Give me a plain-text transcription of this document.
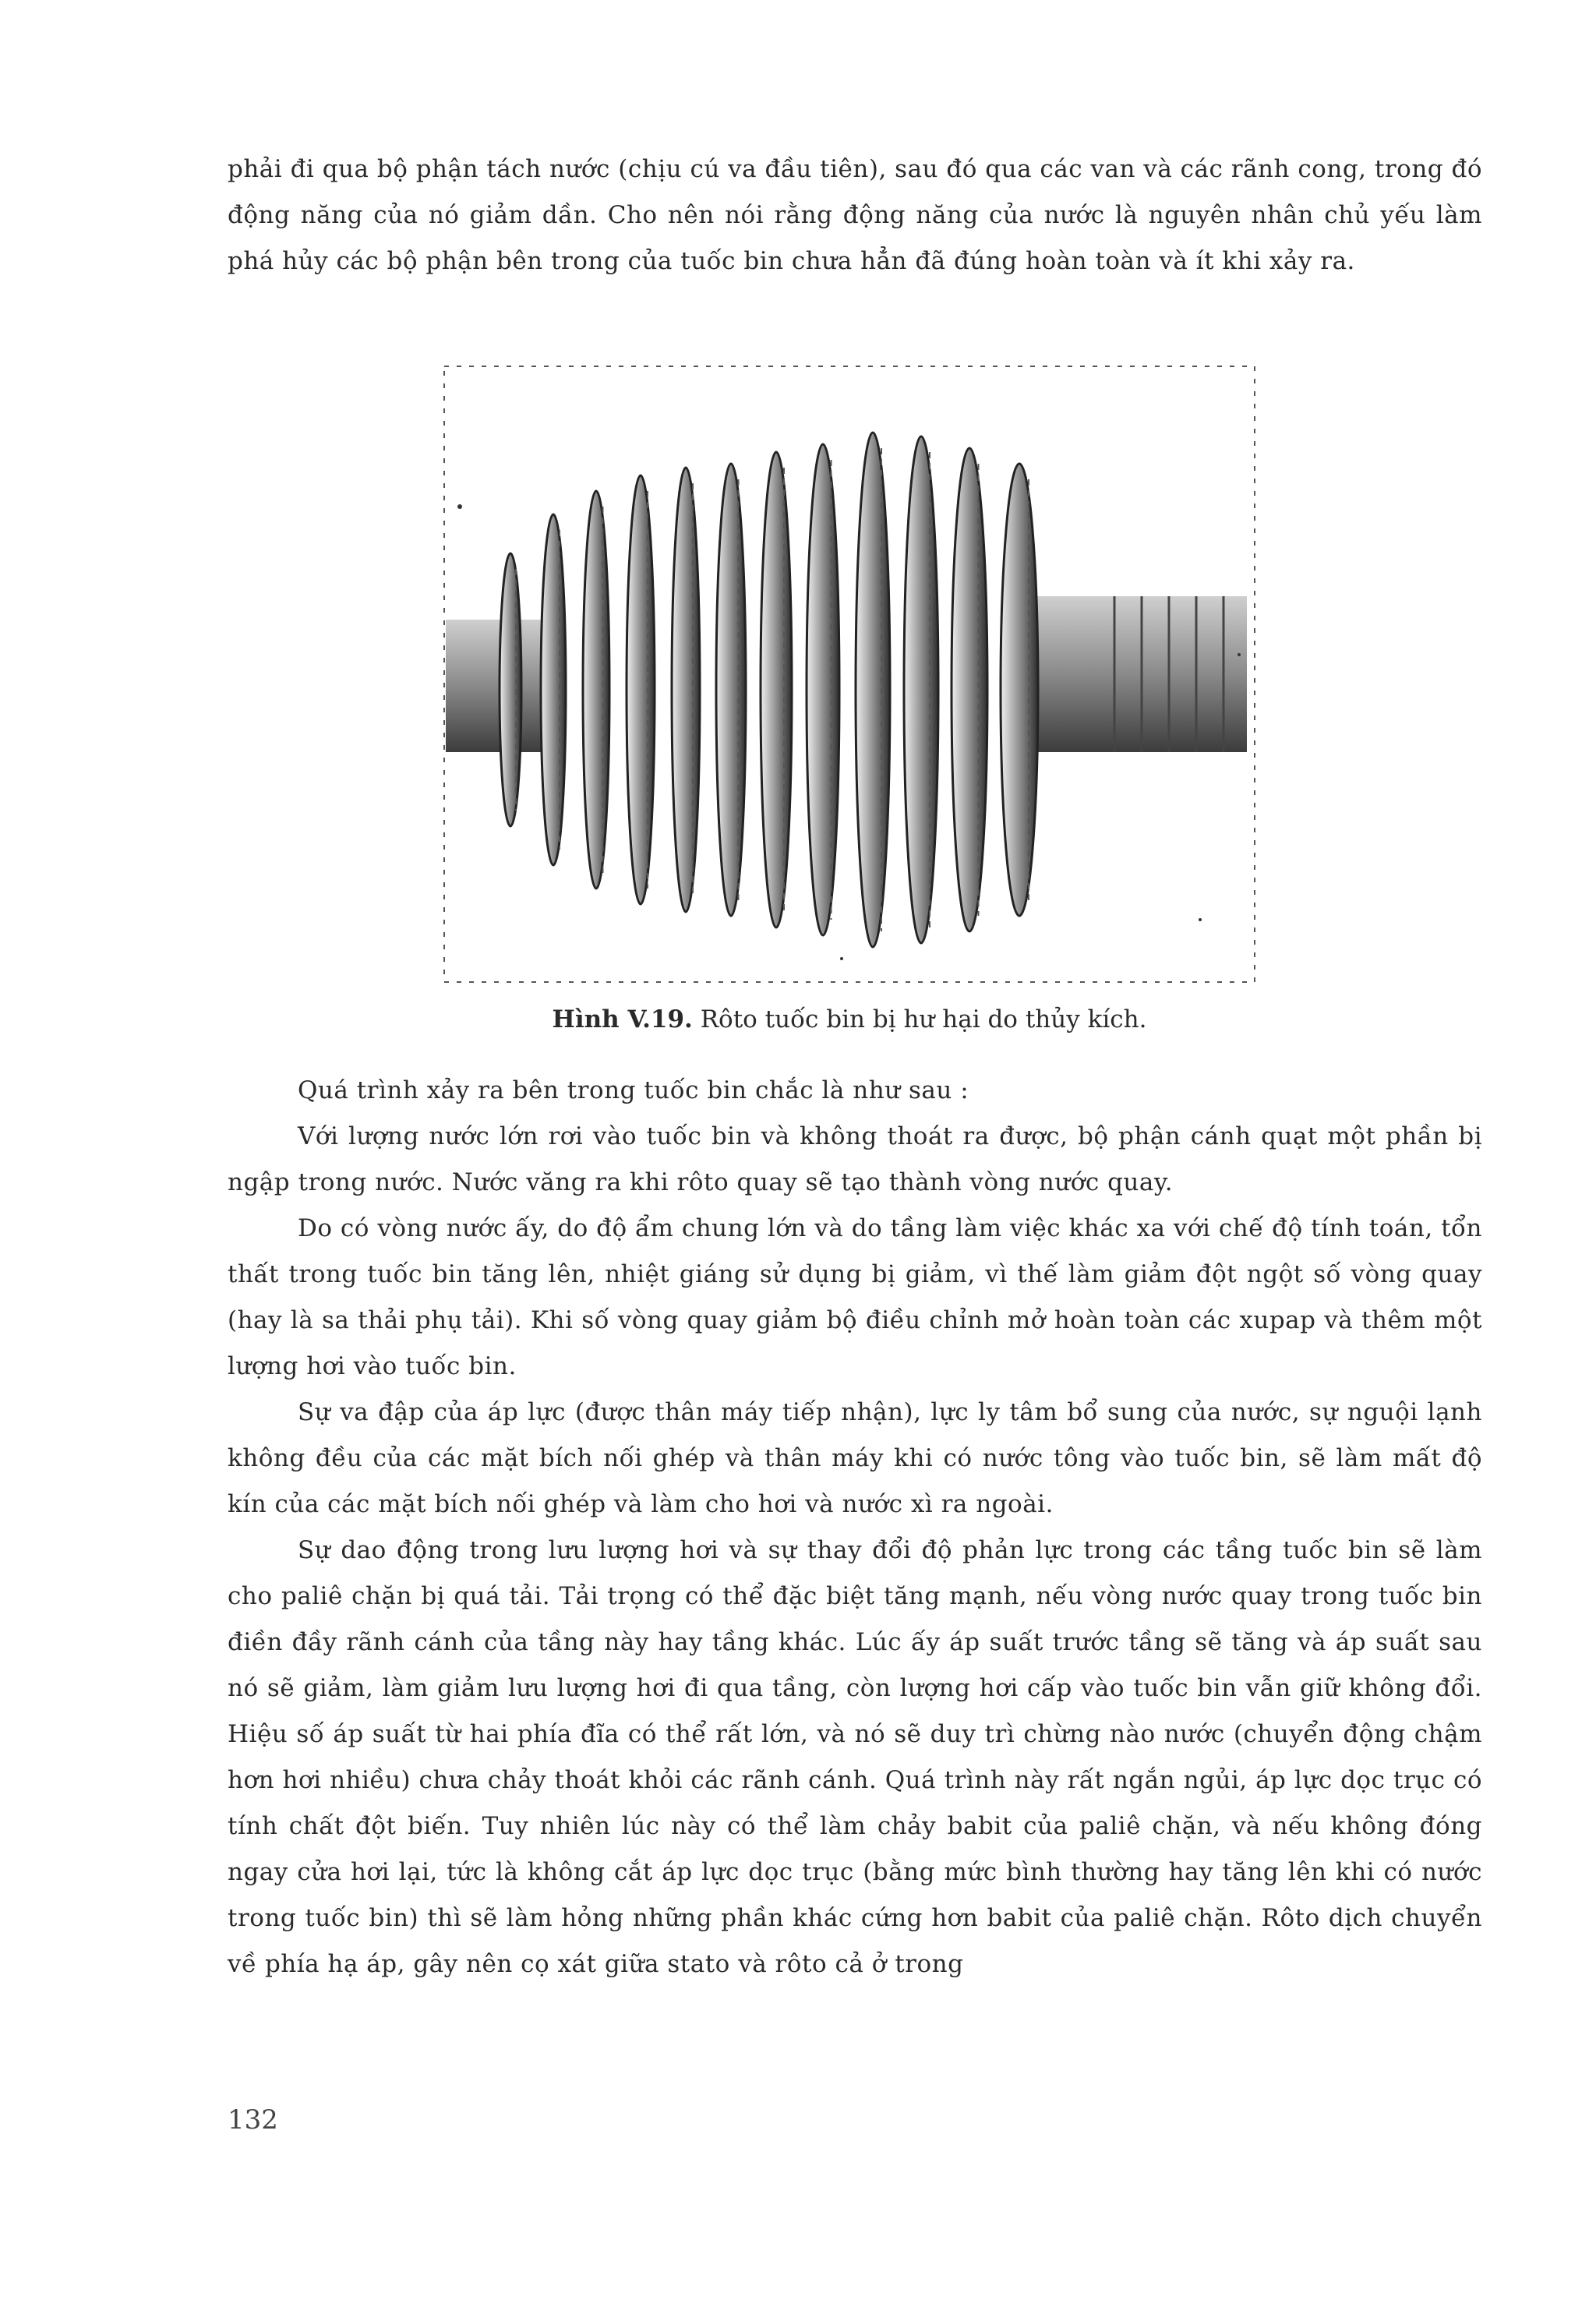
phải đi qua bộ phận tách nước (chịu cú va đầu tiên), sau đó qua các van và các rãnh cong, trong đó động năng của nó giảm dần. Cho nên nói rằng động năng của nước là nguyên nhân chủ yếu làm phá hủy các bộ phận bên trong của tuốc bin chưa hẳn đã đúng hoàn toàn và ít khi xảy ra.

Hình V.19. Rôto tuốc bin bị hư hại do thủy kích.

Quá trình xảy ra bên trong tuốc bin chắc là như sau :

Với lượng nước lớn rơi vào tuốc bin và không thoát ra được, bộ phận cánh quạt một phần bị ngập trong nước. Nước văng ra khi rôto quay sẽ tạo thành vòng nước quay.

Do có vòng nước ấy, do độ ẩm chung lớn và do tầng làm việc khác xa với chế độ tính toán, tổn thất trong tuốc bin tăng lên, nhiệt giáng sử dụng bị giảm, vì thế làm giảm đột ngột số vòng quay (hay là sa thải phụ tải). Khi số vòng quay giảm bộ điều chỉnh mở hoàn toàn các xupap và thêm một lượng hơi vào tuốc bin.

Sự va đập của áp lực (được thân máy tiếp nhận), lực ly tâm bổ sung của nước, sự nguội lạnh không đều của các mặt bích nối ghép và thân máy khi có nước tông vào tuốc bin, sẽ làm mất độ kín của các mặt bích nối ghép và làm cho hơi và nước xì ra ngoài.

Sự dao động trong lưu lượng hơi và sự thay đổi độ phản lực trong các tầng tuốc bin sẽ làm cho paliê chặn bị quá tải. Tải trọng có thể đặc biệt tăng mạnh, nếu vòng nước quay trong tuốc bin điền đầy rãnh cánh của tầng này hay tầng khác. Lúc ấy áp suất trước tầng sẽ tăng và áp suất sau nó sẽ giảm, làm giảm lưu lượng hơi đi qua tầng, còn lượng hơi cấp vào tuốc bin vẫn giữ không đổi. Hiệu số áp suất từ hai phía đĩa có thể rất lớn, và nó sẽ duy trì chừng nào nước (chuyển động chậm hơn hơi nhiều) chưa chảy thoát khỏi các rãnh cánh. Quá trình này rất ngắn ngủi, áp lực dọc trục có tính chất đột biến. Tuy nhiên lúc này có thể làm chảy babit của paliê chặn, và nếu không đóng ngay cửa hơi lại, tức là không cắt áp lực dọc trục (bằng mức bình thường hay tăng lên khi có nước trong tuốc bin) thì sẽ làm hỏng những phần khác cứng hơn babit của paliê chặn. Rôto dịch chuyển về phía hạ áp, gây nên cọ xát giữa stato và rôto cả ở trong

132
